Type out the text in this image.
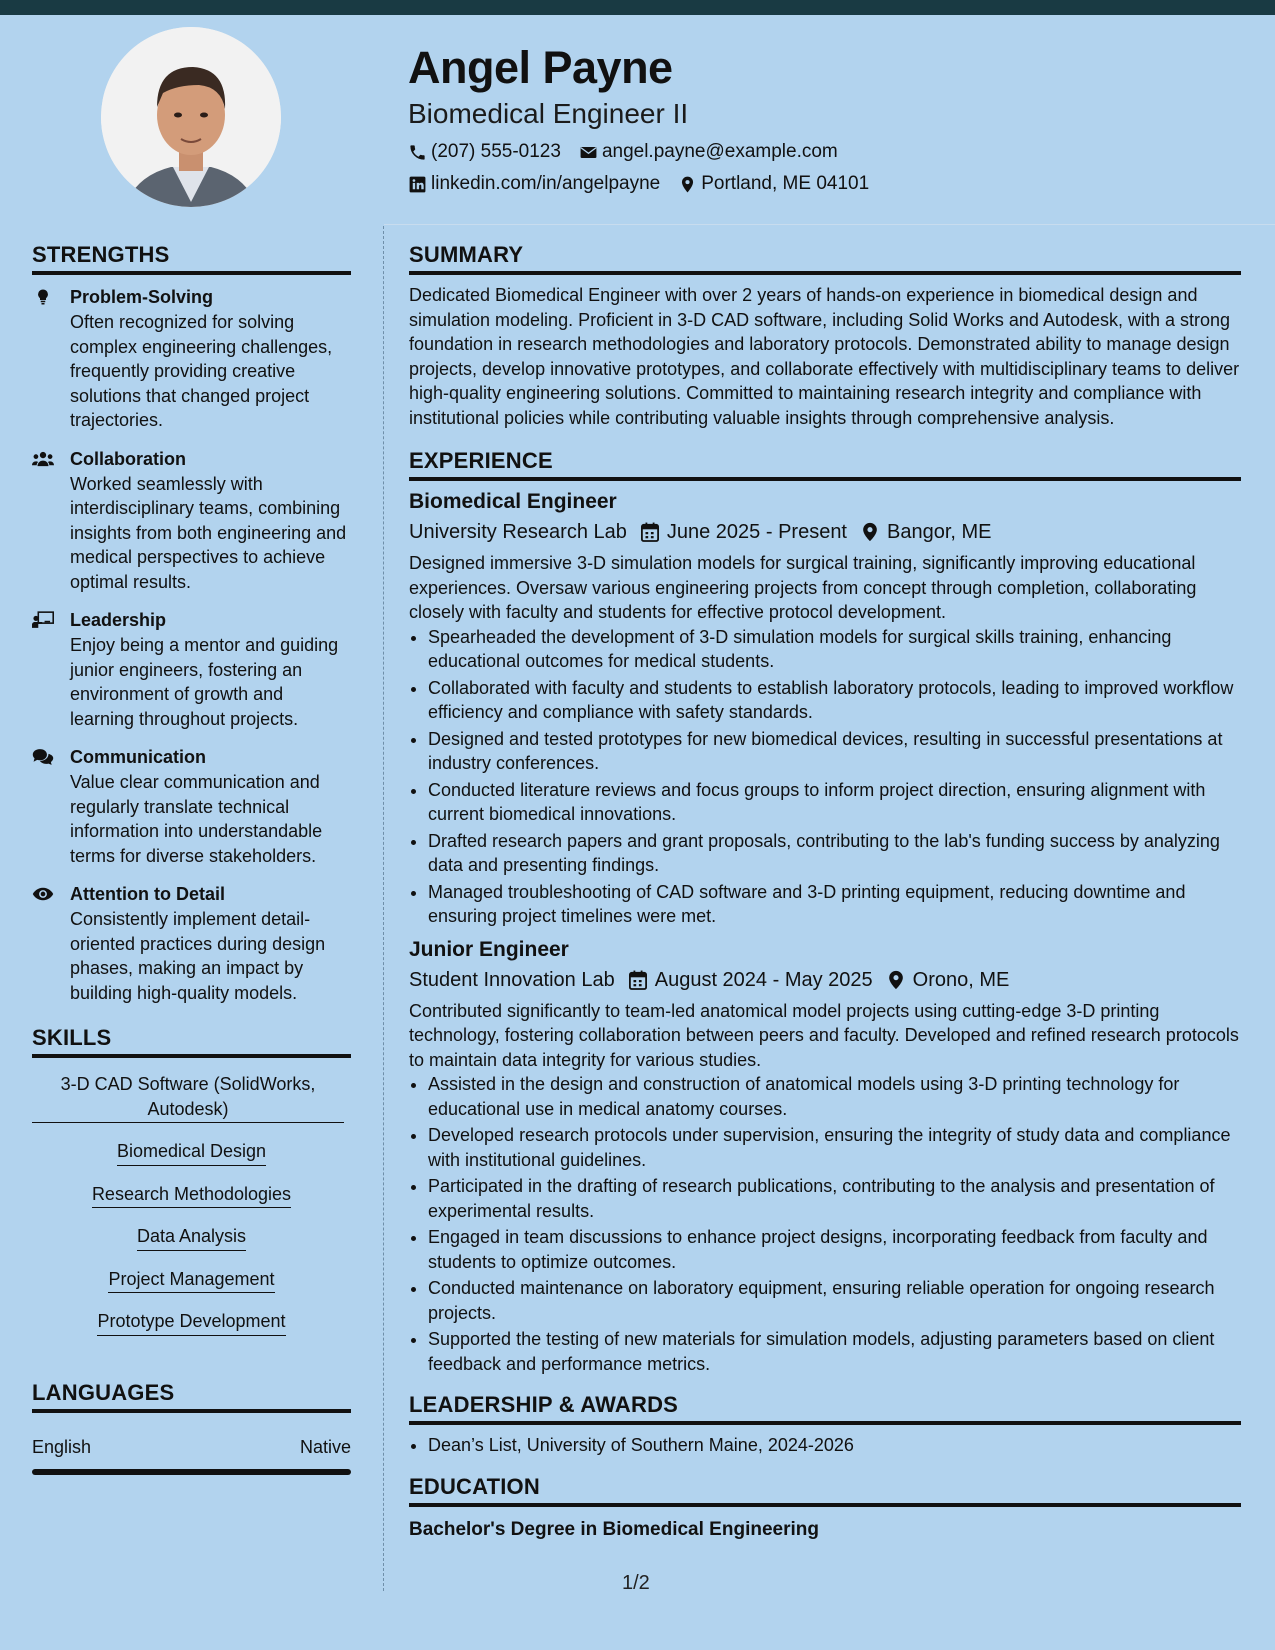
Angel Payne
Biomedical Engineer II
(207) 555-0123 angel.payne@example.com
linkedin.com/in/angelpayne Portland, ME 04101
STRENGTHS
Problem-Solving
Often recognized for solving complex engineering challenges, frequently providing creative solutions that changed project trajectories.
Collaboration
Worked seamlessly with interdisciplinary teams, combining insights from both engineering and medical perspectives to achieve optimal results.
Leadership
Enjoy being a mentor and guiding junior engineers, fostering an environment of growth and learning throughout projects.
Communication
Value clear communication and regularly translate technical information into understandable terms for diverse stakeholders.
Attention to Detail
Consistently implement detail-oriented practices during design phases, making an impact by building high-quality models.
SKILLS
3-D CAD Software (SolidWorks, Autodesk)
Biomedical Design
Research Methodologies
Data Analysis
Project Management
Prototype Development
LANGUAGES
English	Native
SUMMARY

Dedicated Biomedical Engineer with over 2 years of hands-on experience in biomedical design and simulation modeling. Proficient in 3-D CAD software, including Solid Works and Autodesk, with a strong foundation in research methodologies and laboratory protocols. Demonstrated ability to manage design projects, develop innovative prototypes, and collaborate effectively with multidisciplinary teams to deliver high-quality engineering solutions. Committed to maintaining research integrity and compliance with institutional policies while contributing valuable insights through comprehensive analysis.

EXPERIENCE
Biomedical Engineer
University Research Lab June 2025 - Present Bangor, ME

Designed immersive 3-D simulation models for surgical training, significantly improving educational experiences. Oversaw various engineering projects from concept through completion, collaborating closely with faculty and students for effective protocol development.

• Spearheaded the development of 3-D simulation models for surgical skills training, enhancing educational outcomes for medical students.
• Collaborated with faculty and students to establish laboratory protocols, leading to improved workflow efficiency and compliance with safety standards.
• Designed and tested prototypes for new biomedical devices, resulting in successful presentations at industry conferences.
• Conducted literature reviews and focus groups to inform project direction, ensuring alignment with current biomedical innovations.
• Drafted research papers and grant proposals, contributing to the lab's funding success by analyzing data and presenting findings.
• Managed troubleshooting of CAD software and 3-D printing equipment, reducing downtime and ensuring project timelines were met.
Junior Engineer
Student Innovation Lab August 2024 - May 2025 Orono, ME

Contributed significantly to team-led anatomical model projects using cutting-edge 3-D printing technology, fostering collaboration between peers and faculty. Developed and refined research protocols to maintain data integrity for various studies.

• Assisted in the design and construction of anatomical models using 3-D printing technology for educational use in medical anatomy courses.
• Developed research protocols under supervision, ensuring the integrity of study data and compliance with institutional guidelines.
• Participated in the drafting of research publications, contributing to the analysis and presentation of experimental results.
• Engaged in team discussions to enhance project designs, incorporating feedback from faculty and students to optimize outcomes.
• Conducted maintenance on laboratory equipment, ensuring reliable operation for ongoing research projects.
• Supported the testing of new materials for simulation models, adjusting parameters based on client feedback and performance metrics.
LEADERSHIP & AWARDS
• Dean’s List, University of Southern Maine, 2024-2026
EDUCATION
Bachelor's Degree in Biomedical Engineering
1/2
